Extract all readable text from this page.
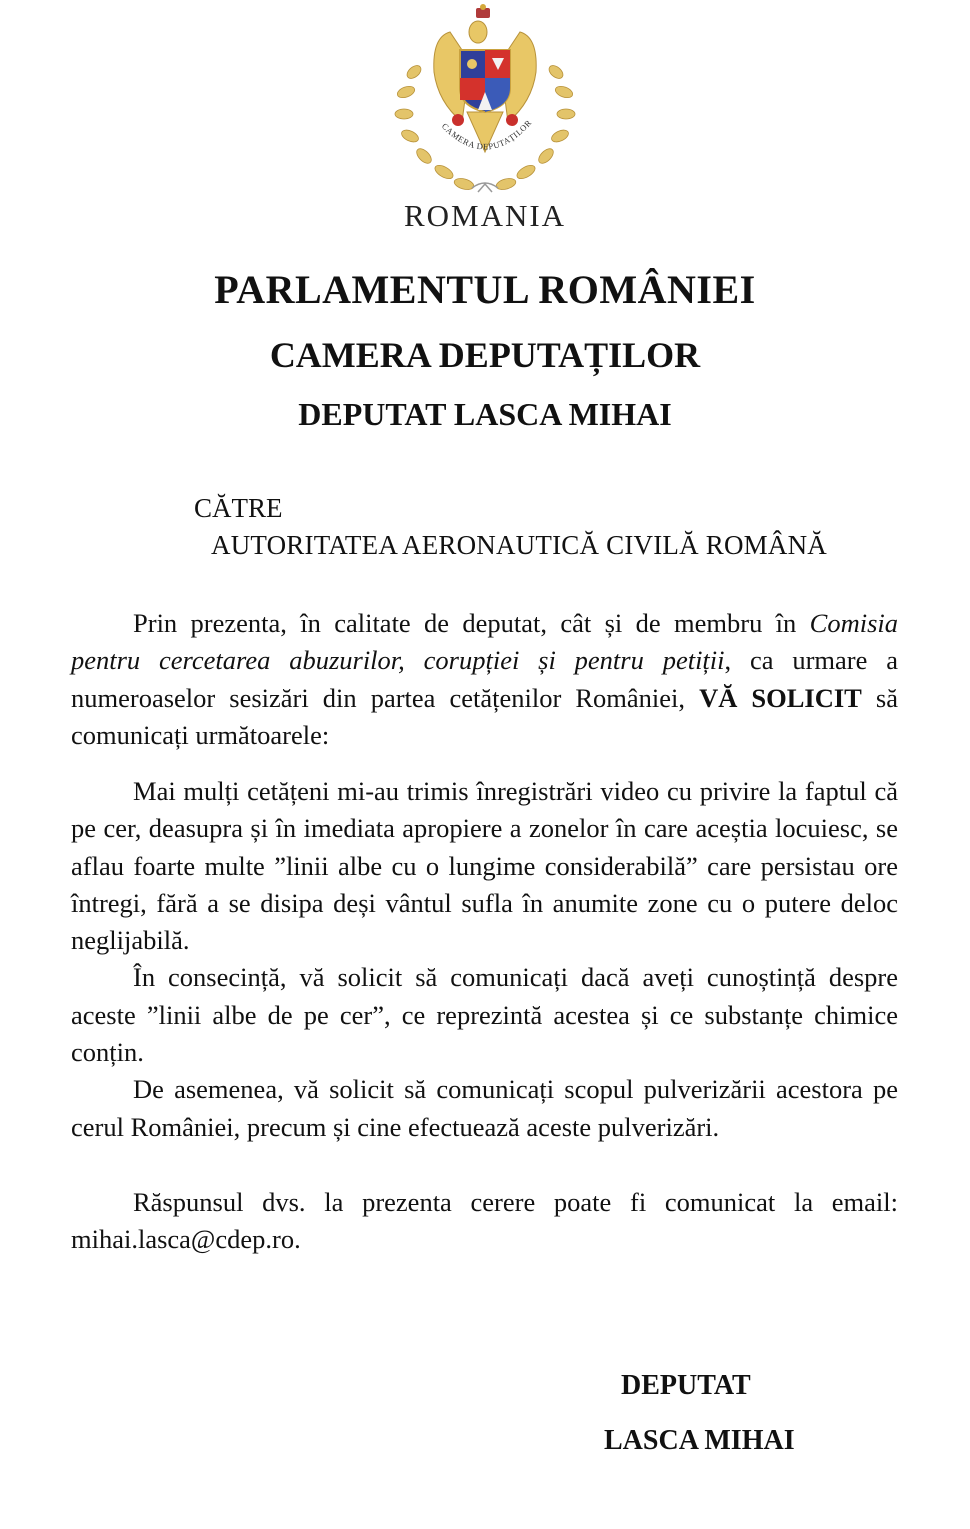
CAMERA DEPUTAȚILOR
ROMANIA
PARLAMENTUL ROMÂNIEI
CAMERA DEPUTAȚILOR
DEPUTAT LASCA MIHAI
CĂTRE
AUTORITATEA AERONAUTICĂ CIVILĂ ROMÂNĂ

Prin prezenta, în calitate de deputat, cât și de membru în Comisia pentru cercetarea abuzurilor, corupției și pentru petiții, ca urmare a numeroaselor sesizări din partea cetățenilor României, VĂ SOLICIT să comunicați următoarele:

Mai mulți cetățeni mi-au trimis înregistrări video cu privire la faptul că pe cer, deasupra și în imediata apropiere a zonelor în care aceștia locuiesc, se aflau foarte multe ”linii albe cu o lungime considerabilă” care persistau ore întregi, fără a se disipa deși vântul sufla în anumite zone cu o putere deloc neglijabilă.

În consecință, vă solicit să comunicați dacă aveți cunoștință despre aceste ”linii albe de pe cer”, ce reprezintă acestea și ce substanțe chimice conțin.

De asemenea, vă solicit să comunicați scopul pulverizării acestora pe cerul României, precum și cine efectuează aceste pulverizări.

Răspunsul dvs. la prezenta cerere poate fi comunicat la email: mihai.lasca@cdep.ro.

DEPUTAT
LASCA MIHAI
